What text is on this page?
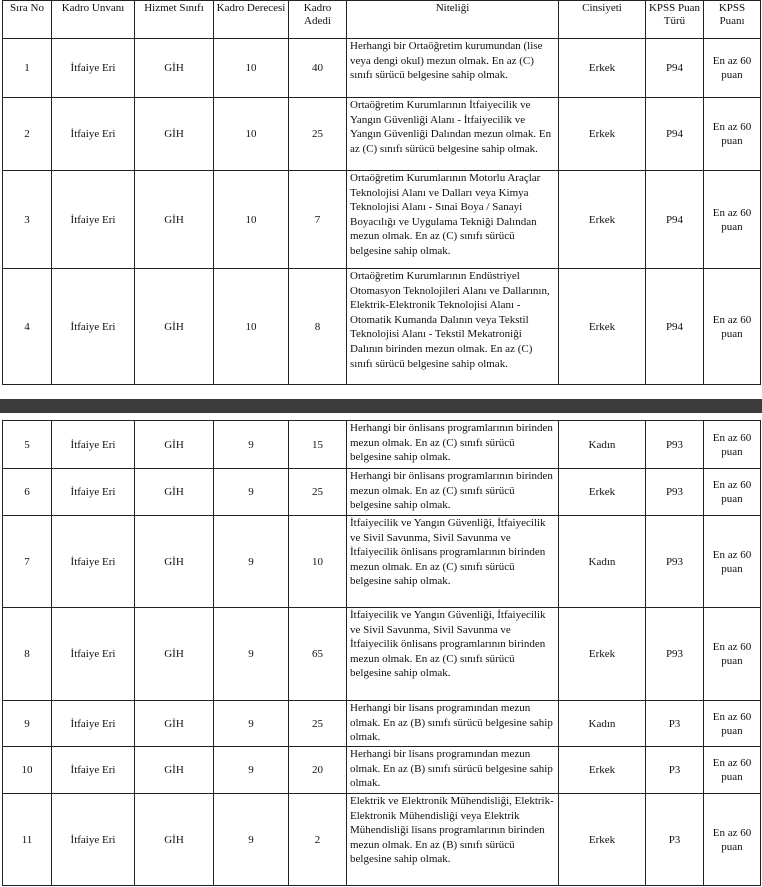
Sıra No	Kadro Unvanı	Hizmet Sınıfı	Kadro Derecesi	Kadro Adedi	Niteliği	Cinsiyeti	KPSS Puan Türü	KPSS Puanı
1	İtfaiye Eri	GİH	10	40	Herhangi bir Ortaöğretim kurumundan (lise veya dengi okul) mezun olmak. En az (C) sınıfı sürücü belgesine sahip olmak.	Erkek	P94	En az 60 puan
2	İtfaiye Eri	GİH	10	25	Ortaöğretim Kurumlarının İtfaiyecilik ve Yangın Güvenliği Alanı - İtfaiyecilik ve Yangın Güvenliği Dalından mezun olmak. En az (C) sınıfı sürücü belgesine sahip olmak.	Erkek	P94	En az 60 puan
3	İtfaiye Eri	GİH	10	7	Ortaöğretim Kurumlarının Motorlu Araçlar Teknolojisi Alanı ve Dalları veya Kimya Teknolojisi Alanı - Sınai Boya / Sanayi Boyacılığı ve Uygulama Tekniği Dalından mezun olmak. En az (C) sınıfı sürücü belgesine sahip olmak.	Erkek	P94	En az 60 puan
4	İtfaiye Eri	GİH	10	8	Ortaöğretim Kurumlarının Endüstriyel Otomasyon Teknolojileri Alanı ve Dallarının, Elektrik-Elektronik Teknolojisi Alanı - Otomatik Kumanda Dalının veya Tekstil Teknolojisi Alanı - Tekstil Mekatroniği Dalının birinden mezun olmak. En az (C) sınıfı sürücü belgesine sahip olmak.	Erkek	P94	En az 60 puan
5	İtfaiye Eri	GİH	9	15	Herhangi bir önlisans programlarının birinden mezun olmak. En az (C) sınıfı sürücü belgesine sahip olmak.	Kadın	P93	En az 60 puan
6	İtfaiye Eri	GİH	9	25	Herhangi bir önlisans programlarının birinden mezun olmak. En az (C) sınıfı sürücü belgesine sahip olmak.	Erkek	P93	En az 60 puan
7	İtfaiye Eri	GİH	9	10	İtfaiyecilik ve Yangın Güvenliği, İtfaiyecilik ve Sivil Savunma, Sivil Savunma ve İtfaiyecilik önlisans programlarının birinden mezun olmak. En az (C) sınıfı sürücü belgesine sahip olmak.	Kadın	P93	En az 60 puan
8	İtfaiye Eri	GİH	9	65	İtfaiyecilik ve Yangın Güvenliği, İtfaiyecilik ve Sivil Savunma, Sivil Savunma ve İtfaiyecilik önlisans programlarının birinden mezun olmak. En az (C) sınıfı sürücü belgesine sahip olmak.	Erkek	P93	En az 60 puan
9	İtfaiye Eri	GİH	9	25	Herhangi bir lisans programından mezun olmak. En az (B) sınıfı sürücü belgesine sahip olmak.	Kadın	P3	En az 60 puan
10	İtfaiye Eri	GİH	9	20	Herhangi bir lisans programından mezun olmak. En az (B) sınıfı sürücü belgesine sahip olmak.	Erkek	P3	En az 60 puan
11	İtfaiye Eri	GİH	9	2	Elektrik ve Elektronik Mühendisliği, Elektrik-Elektronik Mühendisliği veya Elektrik Mühendisliği lisans programlarının birinden mezun olmak. En az (B) sınıfı sürücü belgesine sahip olmak.	Erkek	P3	En az 60 puan
